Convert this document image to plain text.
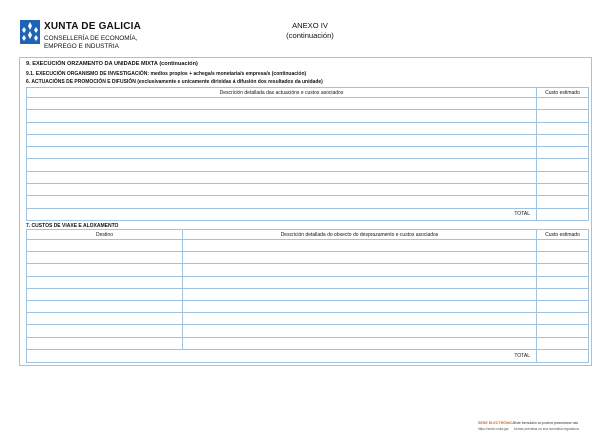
XUNTA DE GALICIA
CONSELLERÍA DE ECONOMÍA,
EMPREGO E INDUSTRIA
ANEXO IV
(continuación)
9. EXECUCIÓN ORZAMENTO DA UNIDADE MIXTA (continuación)
9.1. EXECUCIÓN ORGANISMO DE INVESTIGACIÓN: medios propios + achega/s monetaria/s empresa/s (continuación)
6. ACTUACIÓNS DE PROMOCIÓN E DIFUSIÓN (exclusivamente e unicamente dirixidas á difusión dos resultados da unidade)
Descrición detallada das actuacións e custos asociados	Custo estimado

TOTAL	
7. CUSTOS DE VIAXE E ALOXAMENTO
Destino	Descrición detallada do obxecto do desprazamento e custos asociados	Custo estimado

TOTAL		
SEDE ELECTRÓNICA Este formulario só poderá presentarse nas
https://sede.xunta.gal formas previstas na súa normativa reguladora
